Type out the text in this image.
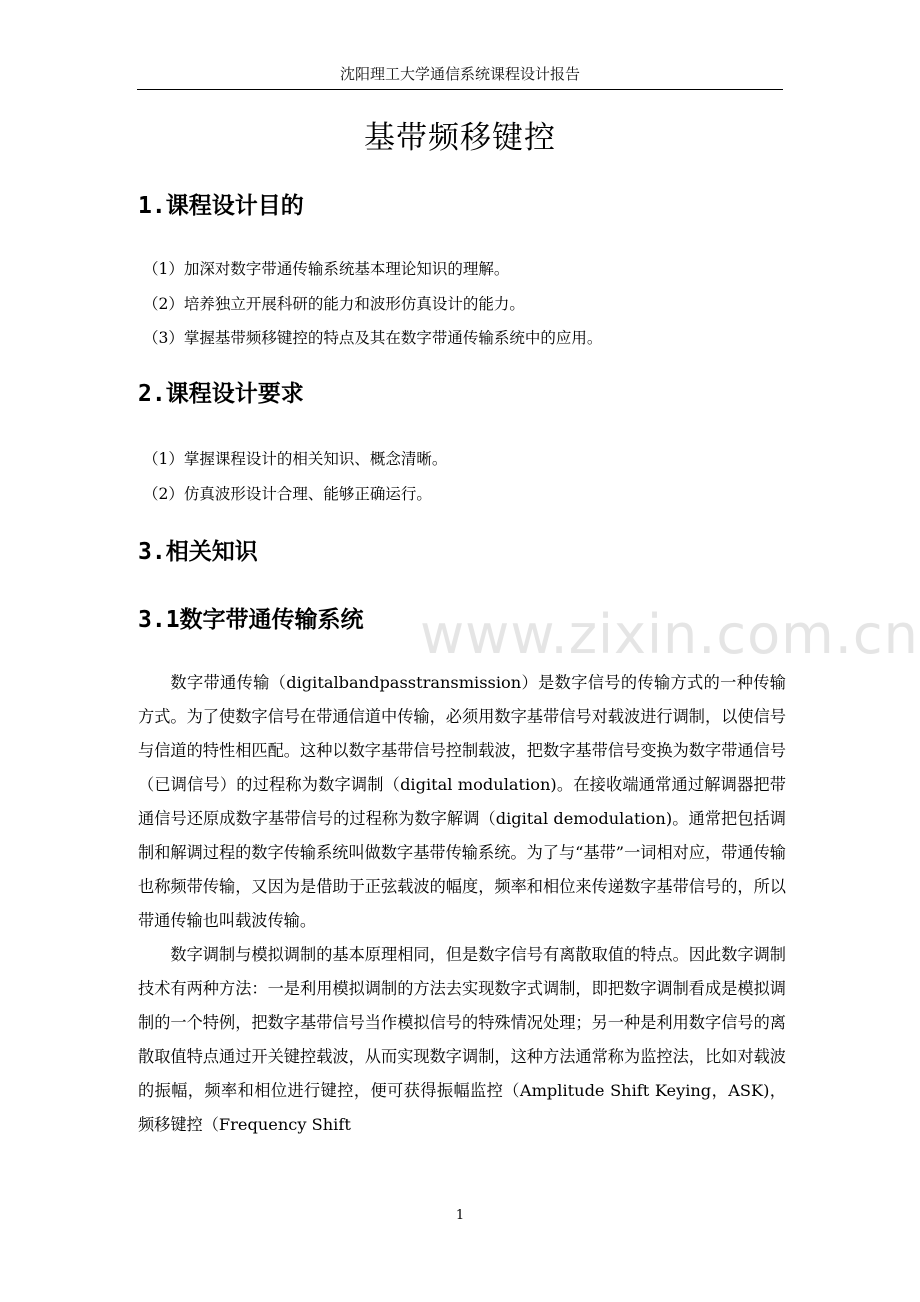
沈阳理工大学通信系统课程设计报告
基带频移键控
1.课程设计目的
（1）加深对数字带通传输系统基本理论知识的理解。
（2）培养独立开展科研的能力和波形仿真设计的能力。
（3）掌握基带频移键控的特点及其在数字带通传输系统中的应用。
2.课程设计要求
（1）掌握课程设计的相关知识、概念清晰。
（2）仿真波形设计合理、能够正确运行。
3.相关知识
3.1数字带通传输系统	www.zixin.com.cn

数字带通传输（digitalbandpasstransmission）是数字信号的传输方式的一种传输方式。为了使数字信号在带通信道中传输，必须用数字基带信号对载波进行调制，以使信号与信道的特性相匹配。这种以数字基带信号控制载波，把数字基带信号变换为数字带通信号（已调信号）的过程称为数字调制（digital modulation)。在接收端通常通过解调器把带通信号还原成数字基带信号的过程称为数字解调（digital demodulation)。通常把包括调制和解调过程的数字传输系统叫做数字基带传输系统。为了与“基带”一词相对应，带通传输也称频带传输，又因为是借助于正弦载波的幅度，频率和相位来传递数字基带信号的，所以带通传输也叫载波传输。

数字调制与模拟调制的基本原理相同，但是数字信号有离散取值的特点。因此数字调制技术有两种方法：一是利用模拟调制的方法去实现数字式调制，即把数字调制看成是模拟调制的一个特例，把数字基带信号当作模拟信号的特殊情况处理；另一种是利用数字信号的离散取值特点通过开关键控载波，从而实现数字调制，这种方法通常称为监控法，比如对载波的振幅，频率和相位进行键控，便可获得振幅监控（Amplitude Shift Keying，ASK)，频移键控（Frequency Shift

1
